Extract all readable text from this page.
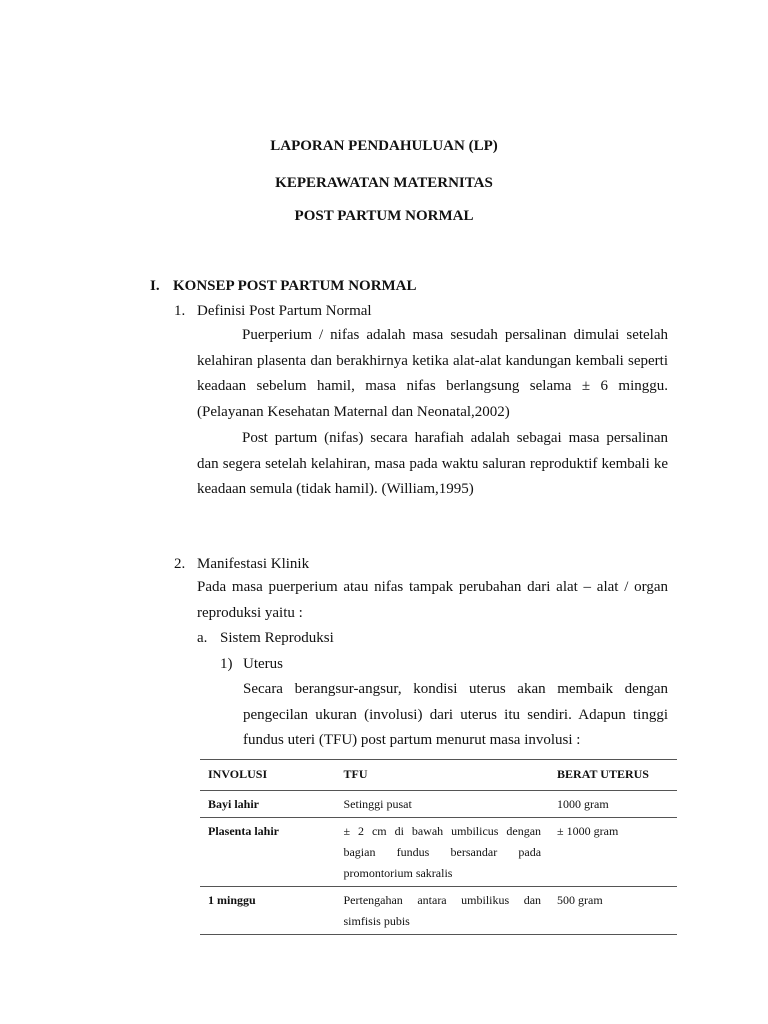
LAPORAN PENDAHULUAN (LP)
KEPERAWATAN MATERNITAS
POST PARTUM NORMAL
I. KONSEP POST PARTUM NORMAL
1. Definisi Post Partum Normal
Puerperium / nifas adalah masa sesudah persalinan dimulai setelah kelahiran plasenta dan berakhirnya ketika alat-alat kandungan kembali seperti keadaan sebelum hamil, masa nifas berlangsung selama ± 6 minggu. (Pelayanan Kesehatan Maternal dan Neonatal,2002)
Post partum (nifas) secara harafiah adalah sebagai masa persalinan dan segera setelah kelahiran, masa pada waktu saluran reproduktif kembali ke keadaan semula (tidak hamil). (William,1995)
2. Manifestasi Klinik
Pada masa puerperium atau nifas tampak perubahan dari alat – alat / organ reproduksi yaitu :
a. Sistem Reproduksi
1) Uterus
Secara berangsur-angsur, kondisi uterus akan membaik dengan pengecilan ukuran (involusi) dari uterus itu sendiri. Adapun tinggi fundus uteri (TFU) post partum menurut masa involusi :
INVOLUSI	TFU	BERAT UTERUS
Bayi lahir	Setinggi pusat	1000 gram
Plasenta lahir	± 2 cm di bawah umbilicus dengan bagian fundus bersandar pada promontorium sakralis	± 1000 gram
1 minggu	Pertengahan antara umbilikus dan simfisis pubis	500 gram
